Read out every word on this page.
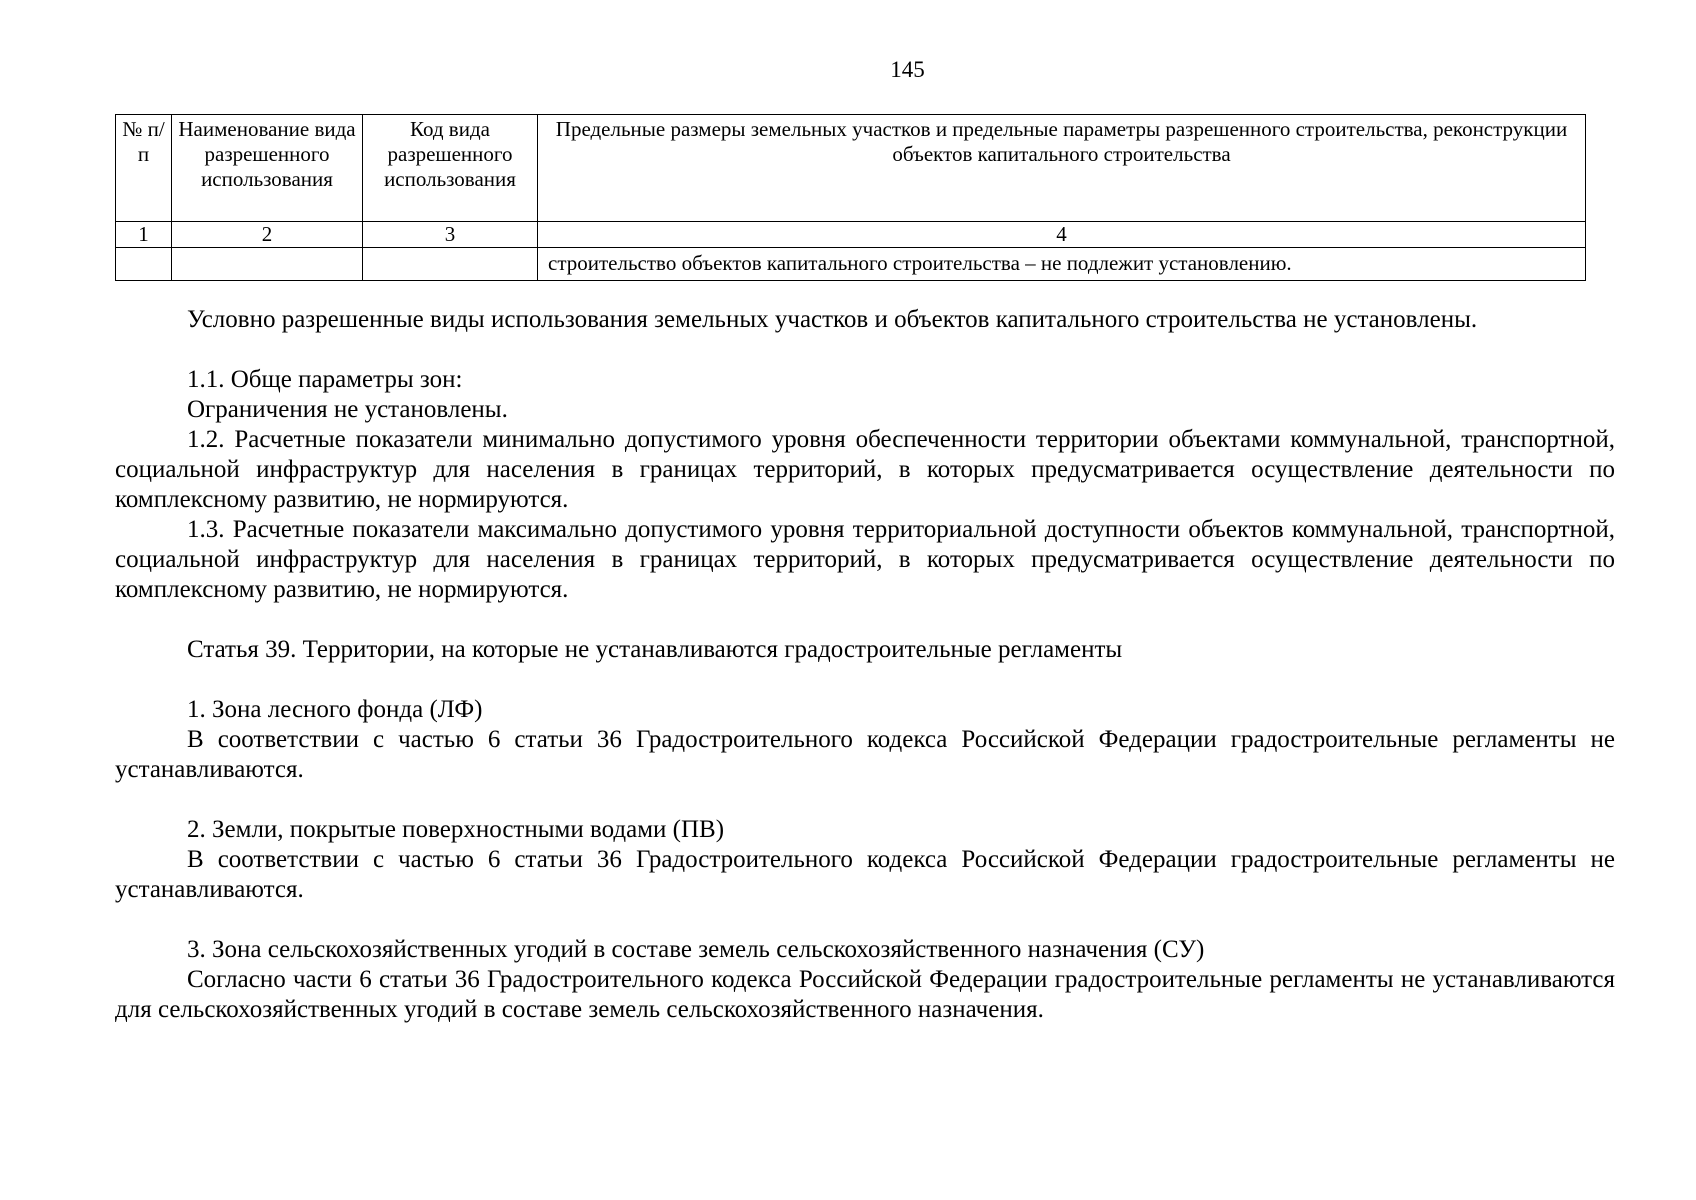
145
№ п/п	Наименование вида разрешенного использования	Код вида разрешенного использования	Предельные размеры земельных участков и предельные параметры разрешенного строительства, реконструкции объектов капитального строительства
1	2	3	4
			строительство объектов капитального строительства – не подлежит установлению.

Условно разрешенные виды использования земельных участков и объектов капитального строительства не установлены.

1.1. Обще параметры зон:

Ограничения не установлены.

1.2. Расчетные показатели минимально допустимого уровня обеспеченности территории объектами коммунальной, транспортной, социальной инфраструктур для населения в границах территорий, в которых предусматривается осуществление деятельности по комплексному развитию, не нормируются.

1.3. Расчетные показатели максимально допустимого уровня территориальной доступности объектов коммунальной, транспортной, социальной инфраструктур для населения в границах территорий, в которых предусматривается осуществление деятельности по комплексному развитию, не нормируются.

Статья 39. Территории, на которые не устанавливаются градостроительные регламенты

1. Зона лесного фонда (ЛФ)

В соответствии с частью 6 статьи 36 Градостроительного кодекса Российской Федерации градостроительные регламенты не устанавливаются.

2. Земли, покрытые поверхностными водами (ПВ)

В соответствии с частью 6 статьи 36 Градостроительного кодекса Российской Федерации градостроительные регламенты не устанавливаются.

3. Зона сельскохозяйственных угодий в составе земель сельскохозяйственного назначения (СУ)

Согласно части 6 статьи 36 Градостроительного кодекса Российской Федерации градостроительные регламенты не устанавливаются для сельскохозяйственных угодий в составе земель сельскохозяйственного назначения.
